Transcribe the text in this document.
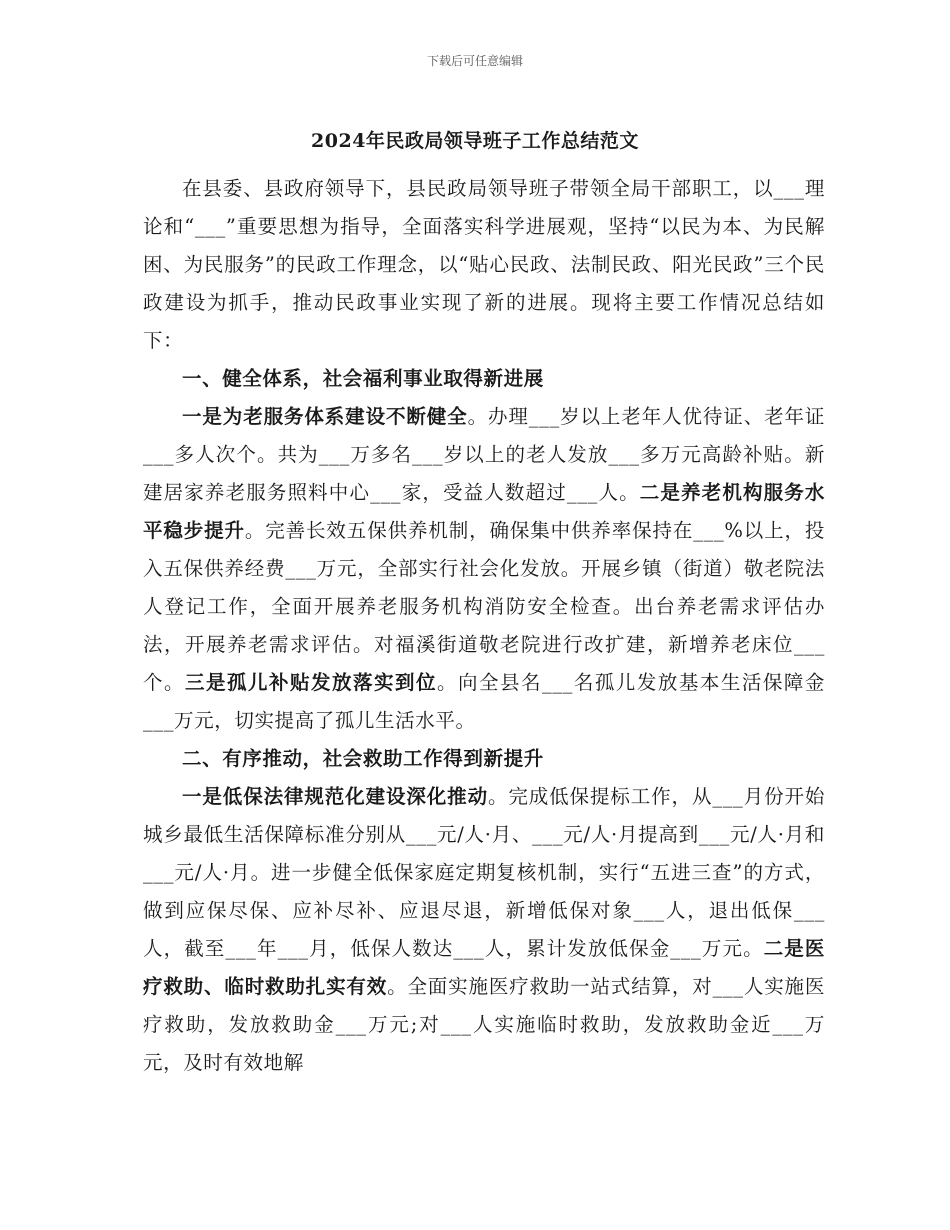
下载后可任意编辑
2024年民政局领导班子工作总结范文

在县委、县政府领导下，县民政局领导班子带领全局干部职工，以___理论和“___”重要思想为指导，全面落实科学进展观，坚持“以民为本、为民解困、为民服务”的民政工作理念，以“贴心民政、法制民政、阳光民政”三个民政建设为抓手，推动民政事业实现了新的进展。现将主要工作情况总结如下：

一、健全体系，社会福利事业取得新进展

一是为老服务体系建设不断健全。办理___岁以上老年人优待证、老年证___多人次个。共为___万多名___岁以上的老人发放___多万元高龄补贴。新建居家养老服务照料中心___家，受益人数超过___人。二是养老机构服务水平稳步提升。完善长效五保供养机制，确保集中供养率保持在___%以上，投入五保供养经费___万元，全部实行社会化发放。开展乡镇（街道）敬老院法人登记工作，全面开展养老服务机构消防安全检查。出台养老需求评估办法，开展养老需求评估。对福溪街道敬老院进行改扩建，新增养老床位___个。三是孤儿补贴发放落实到位。向全县名___名孤儿发放基本生活保障金___万元，切实提高了孤儿生活水平。

二、有序推动，社会救助工作得到新提升

一是低保法律规范化建设深化推动。完成低保提标工作，从___月份开始城乡最低生活保障标准分别从___元/人·月、___元/人·月提高到___元/人·月和___元/人·月。进一步健全低保家庭定期复核机制，实行“五进三查”的方式，做到应保尽保、应补尽补、应退尽退，新增低保对象___人，退出低保___人，截至___年___月，低保人数达___人，累计发放低保金___万元。二是医疗救助、临时救助扎实有效。全面实施医疗救助一站式结算，对___人实施医疗救助，发放救助金___万元;对___人实施临时救助，发放救助金近___万元，及时有效地解
